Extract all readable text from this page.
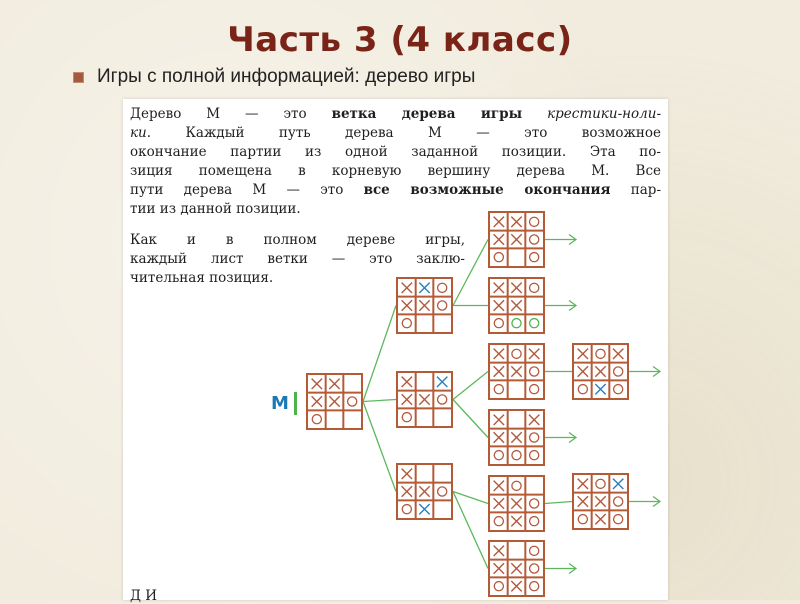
Часть 3 (4 класс)
Игры с полной информацией: дерево игры
Дерево М — это ветка дерева игры крестики-ноли-
ки. Каждый путь дерева М — это возможное
окончание партии из одной заданной позиции. Эта по-
зиция помещена в корневую вершину дерева М. Все
пути дерева М — это все возможные окончания пар-
тии из данной позиции.
Как и в полном дереве игры,
каждый лист ветки — это заклю-
чительная позиция.
М
Д И
